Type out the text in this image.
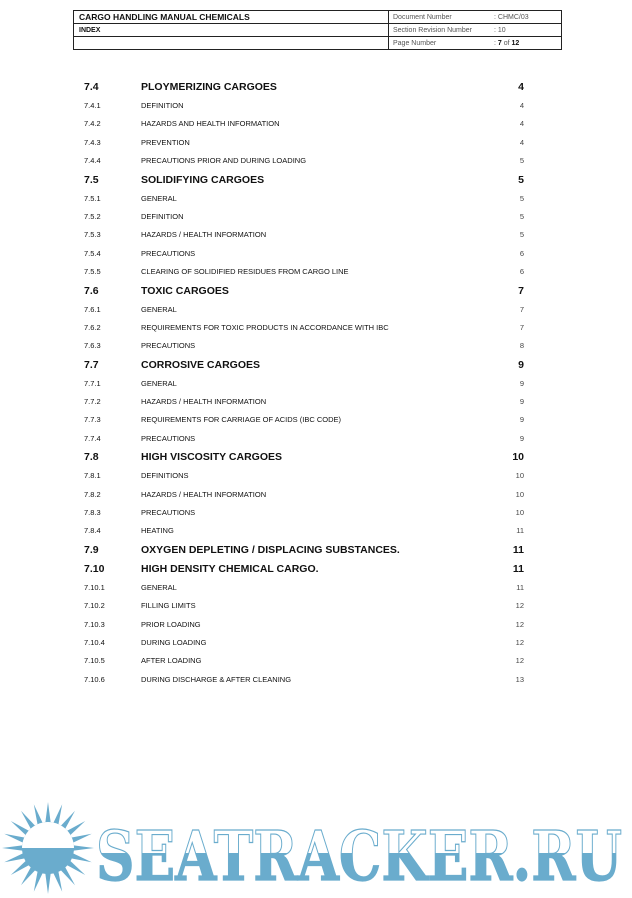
CARGO HANDLING MANUAL CHEMICALS
INDEX
Document Number	: CHMC/03
Section Revision Number	: 10
Page Number	: 7 of 12
7.4	PLOYMERIZING CARGOES	4
7.4.1	DEFINITION	4
7.4.2	HAZARDS AND HEALTH INFORMATION	4
7.4.3	PREVENTION	4
7.4.4	PRECAUTIONS PRIOR AND DURING LOADING	5
7.5	SOLIDIFYING CARGOES	5
7.5.1	GENERAL	5
7.5.2	DEFINITION	5
7.5.3	HAZARDS / HEALTH INFORMATION	5
7.5.4	PRECAUTIONS	6
7.5.5	CLEARING OF SOLIDIFIED RESIDUES FROM CARGO LINE	6
7.6	TOXIC CARGOES	7
7.6.1	GENERAL	7
7.6.2	REQUIREMENTS FOR TOXIC PRODUCTS IN ACCORDANCE WITH IBC	7
7.6.3	PRECAUTIONS	8
7.7	CORROSIVE CARGOES	9
7.7.1	GENERAL	9
7.7.2	HAZARDS / HEALTH INFORMATION	9
7.7.3	REQUIREMENTS FOR CARRIAGE OF ACIDS (IBC CODE)	9
7.7.4	PRECAUTIONS	9
7.8	HIGH VISCOSITY CARGOES	10
7.8.1	DEFINITIONS	10
7.8.2	HAZARDS / HEALTH INFORMATION	10
7.8.3	PRECAUTIONS	10
7.8.4	HEATING	11
7.9	OXYGEN DEPLETING / DISPLACING SUBSTANCES.	11
7.10	HIGH DENSITY CHEMICAL CARGO.	11
7.10.1	GENERAL	11
7.10.2	FILLING LIMITS	12
7.10.3	PRIOR LOADING	12
7.10.4	DURING LOADING	12
7.10.5	AFTER LOADING	12
7.10.6	DURING DISCHARGE & AFTER CLEANING	13
SEATRACKER.RU
